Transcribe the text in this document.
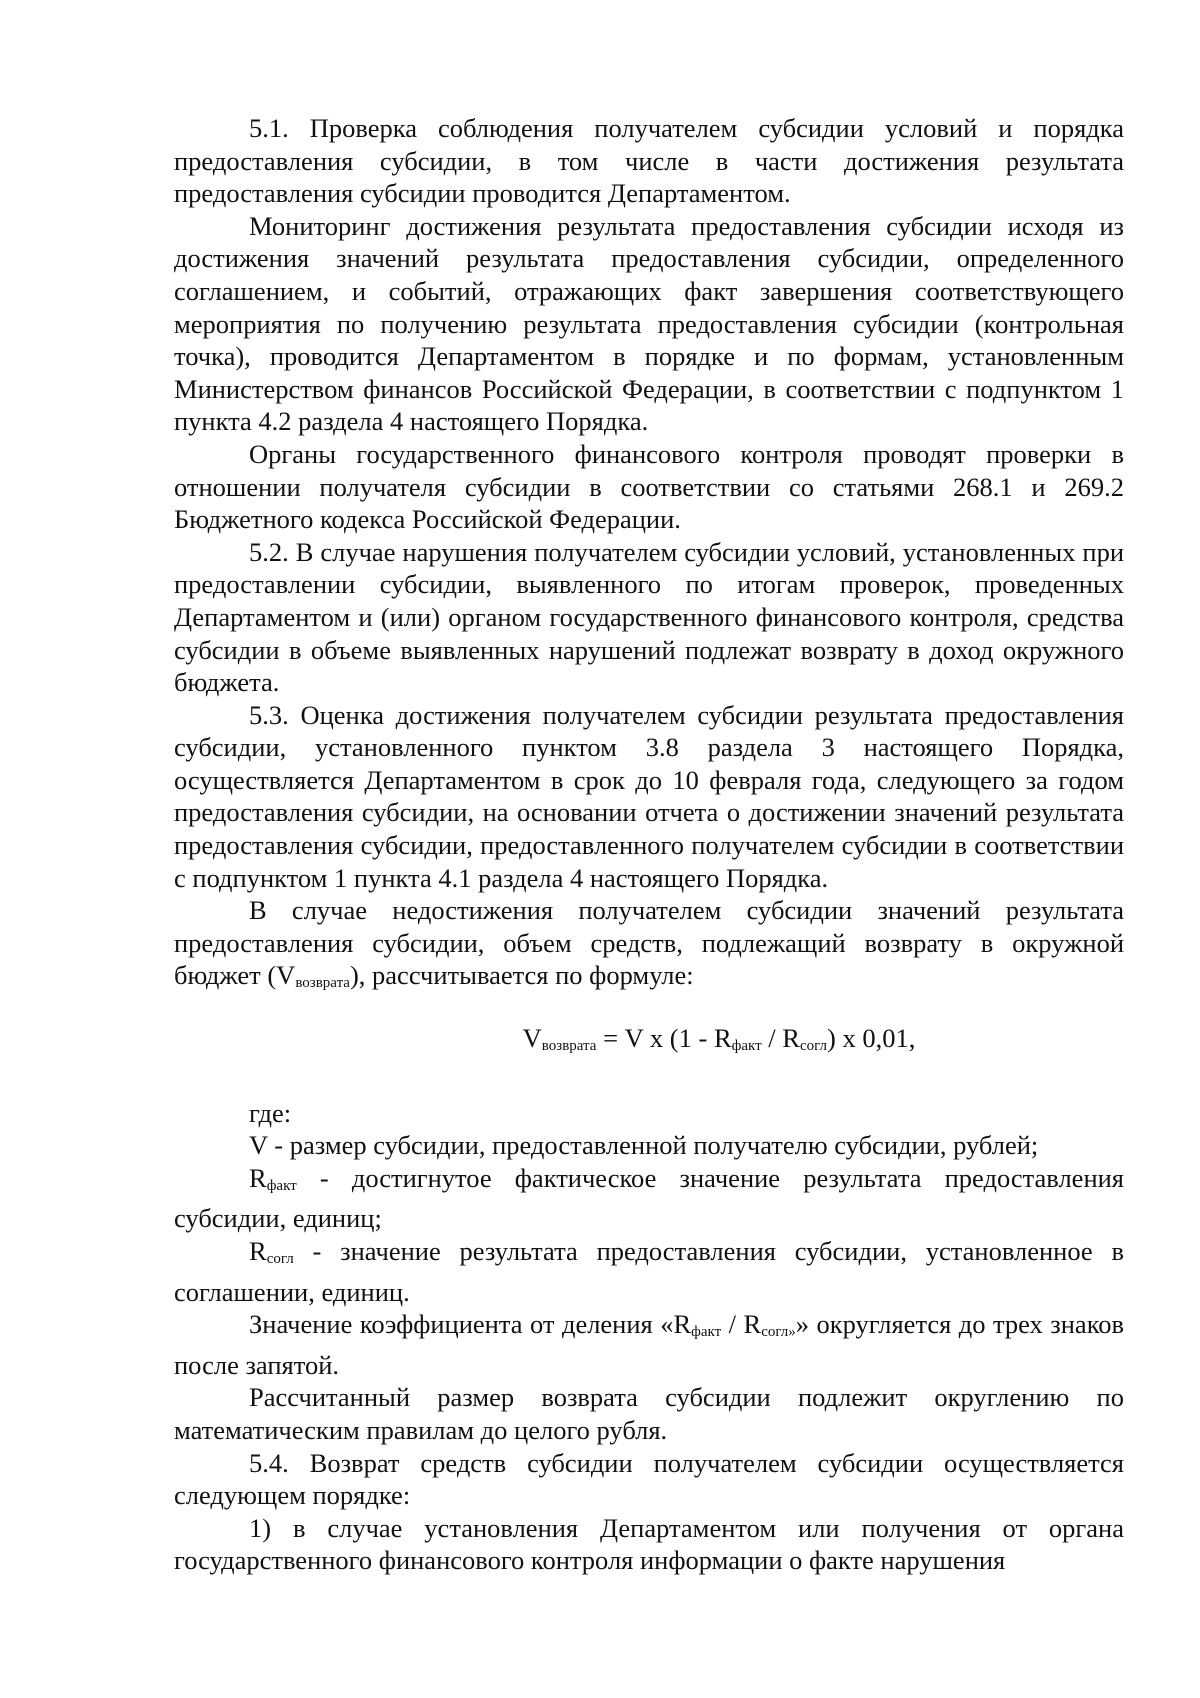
5.1. Проверка соблюдения получателем субсидии условий и порядка предоставления субсидии, в том числе в части достижения результата предоставления субсидии проводится Департаментом.

Мониторинг достижения результата предоставления субсидии исходя из достижения значений результата предоставления субсидии, определенного соглашением, и событий, отражающих факт завершения соответствующего мероприятия по получению результата предоставления субсидии (контрольная точка), проводится Департаментом в порядке и по формам, установленным Министерством финансов Российской Федерации, в соответствии с подпунктом 1 пункта 4.2 раздела 4 настоящего Порядка.

Органы государственного финансового контроля проводят проверки в отношении получателя субсидии в соответствии со статьями 268.1 и 269.2 Бюджетного кодекса Российской Федерации.

5.2. В случае нарушения получателем субсидии условий, установленных при предоставлении субсидии, выявленного по итогам проверок, проведенных Департаментом и (или) органом государственного финансового контроля, средства субсидии в объеме выявленных нарушений подлежат возврату в доход окружного бюджета.

5.3. Оценка достижения получателем субсидии результата предоставления субсидии, установленного пунктом 3.8 раздела 3 настоящего Порядка, осуществляется Департаментом в срок до 10 февраля года, следующего за годом предоставления субсидии, на основании отчета о достижении значений результата предоставления субсидии, предоставленного получателем субсидии в соответствии с подпунктом 1 пункта 4.1 раздела 4 настоящего Порядка.

В случае недостижения получателем субсидии значений результата предоставления субсидии, объем средств, подлежащий возврату в окружной бюджет $(V_{возврата})$, рассчитывается по формуле:

$V_{возврата} = V$ x $(1 - R_{факт} / R_{согл})$ x 0,01,

где:

V - размер субсидии, предоставленной получателю субсидии, рублей;

$R_{факт}$ - достигнутое фактическое значение результата предоставления субсидии, единиц;

$R_{согл}$ - значение результата предоставления субсидии, установленное в соглашении, единиц.

Значение коэффициента от деления «$R_{факт} / R_{согл»}$» округляется до трех знаков после запятой.

Рассчитанный размер возврата субсидии подлежит округлению по математическим правилам до целого рубля.

5.4. Возврат средств субсидии получателем субсидии осуществляется следующем порядке:

1) в случае установления Департаментом или получения от органа государственного финансового контроля информации о факте нарушения
